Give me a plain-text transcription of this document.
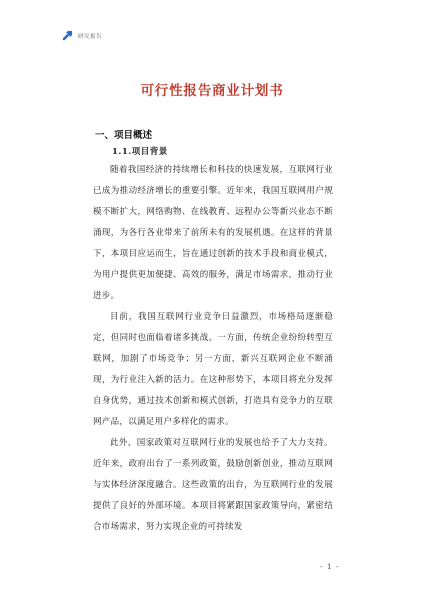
研究报告
可行性报告商业计划书
一、项目概述
1.1.项目背景

随着我国经济的持续增长和科技的快速发展，互联网行业已成为推动经济增长的重要引擎。近年来，我国互联网用户规模不断扩大，网络购物、在线教育、远程办公等新兴业态不断涌现，为各行各业带来了前所未有的发展机遇。在这样的背景下，本项目应运而生，旨在通过创新的技术手段和商业模式，为用户提供更加便捷、高效的服务，满足市场需求，推动行业进步。

目前，我国互联网行业竞争日益激烈，市场格局逐渐稳定，但同时也面临着诸多挑战。一方面，传统企业纷纷转型互联网，加剧了市场竞争；另一方面，新兴互联网企业不断涌现，为行业注入新的活力。在这种形势下，本项目将充分发挥自身优势，通过技术创新和模式创新，打造具有竞争力的互联网产品，以满足用户多样化的需求。

此外，国家政策对互联网行业的发展也给予了大力支持。近年来，政府出台了一系列政策，鼓励创新创业，推动互联网与实体经济深度融合。这些政策的出台，为互联网行业的发展提供了良好的外部环境。本项目将紧跟国家政策导向，紧密结合市场需求，努力实现企业的可持续发

- 1 -
